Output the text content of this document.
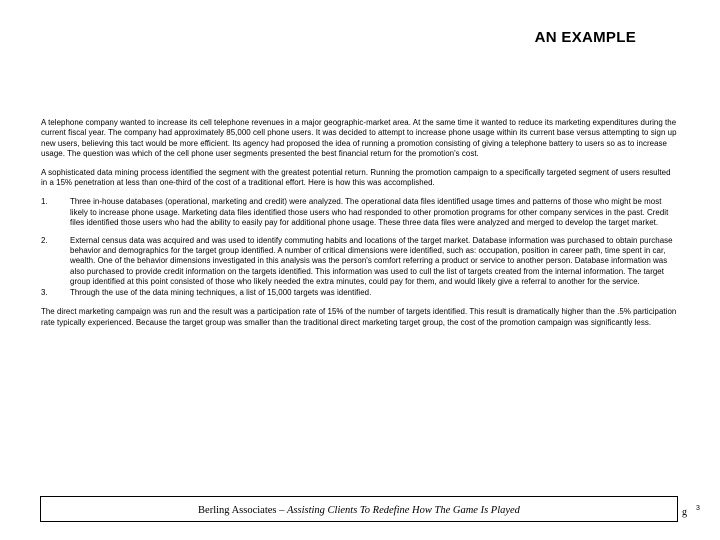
AN EXAMPLE

A telephone company wanted to increase its cell telephone revenues in a major geographic-market area. At the same time it wanted to reduce its marketing expenditures during the current fiscal year. The company had approximately 85,000 cell phone users. It was decided to attempt to increase phone usage within its current base versus attempting to sign up new users, believing this tact would be more efficient. Its agency had proposed the idea of running a promotion consisting of giving a telephone battery to users so as to increase usage. The question was which of the cell phone user segments presented the best financial return for the promotion's cost.

A sophisticated data mining process identified the segment with the greatest potential return. Running the promotion campaign to a specifically targeted segment of users resulted in a 15% penetration at less than one-third of the cost of a traditional effort. Here is how this was accomplished.

1.	Three in-house databases (operational, marketing and credit) were analyzed. The operational data files identified usage times and patterns of those who might be most likely to increase phone usage. Marketing data files identified those users who had responded to other promotion programs for other company services in the past. Credit files identified those users who had the ability to easily pay for additional phone usage. These three data files were analyzed and merged to develop the target market.
2.	External census data was acquired and was used to identify commuting habits and locations of the target market. Database information was purchased to obtain purchase behavior and demographics for the target group identified. A number of critical dimensions were identified, such as: occupation, position in career path, time spent in car, wealth. One of the behavior dimensions investigated in this analysis was the person's comfort referring a product or service to another person. Database information was also purchased to provide credit information on the targets identified. This information was used to cull the list of targets created from the internal information. The target group identified at this point consisted of those who likely needed the extra minutes, could pay for them, and would likely give a referral to another for the service.
3.	Through the use of the data mining techniques, a list of 15,000 targets was identified.

The direct marketing campaign was run and the result was a participation rate of 15% of the number of targets identified. This result is dramatically higher than the .5% participation rate typically experienced. Because the target group was smaller than the traditional direct marketing target group, the cost of the promotion campaign was significantly less.

Berling Associates – Assisting Clients To Redefine How The Game Is Played	g 3
